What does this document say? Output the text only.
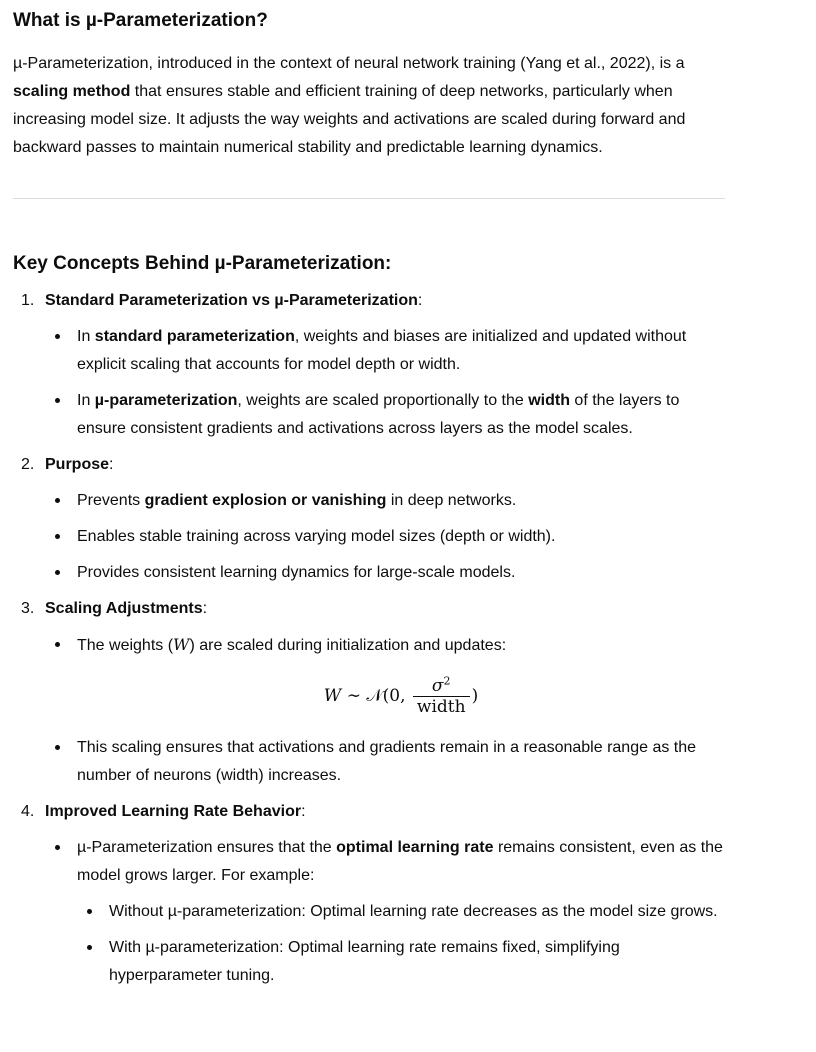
What is µ-Parameterization?

µ-Parameterization, introduced in the context of neural network training (Yang et al., 2022), is a scaling method that ensures stable and efficient training of deep networks, particularly when increasing model size. It adjusts the way weights and activations are scaled during forward and backward passes to maintain numerical stability and predictable learning dynamics.

Key Concepts Behind µ-Parameterization:
1. Standard Parameterization vs µ-Parameterization:
In standard parameterization, weights and biases are initialized and updated without explicit scaling that accounts for model depth or width.
In µ-parameterization, weights are scaled proportionally to the width of the layers to ensure consistent gradients and activations across layers as the model scales.
2. Purpose:
Prevents gradient explosion or vanishing in deep networks.
Enables stable training across varying model sizes (depth or width).
Provides consistent learning dynamics for large-scale models.
3. Scaling Adjustments:
The weights (W) are scaled during initialization and updates:
W
∼
𝒩 (0,
$\frac{\sigma^2}{\text{width}}$ )
This scaling ensures that activations and gradients remain in a reasonable range as the number of neurons (width) increases.
4. Improved Learning Rate Behavior:
µ-Parameterization ensures that the optimal learning rate remains consistent, even as the model grows larger. For example:
Without µ-parameterization: Optimal learning rate decreases as the model size grows.
With µ-parameterization: Optimal learning rate remains fixed, simplifying hyperparameter tuning.
